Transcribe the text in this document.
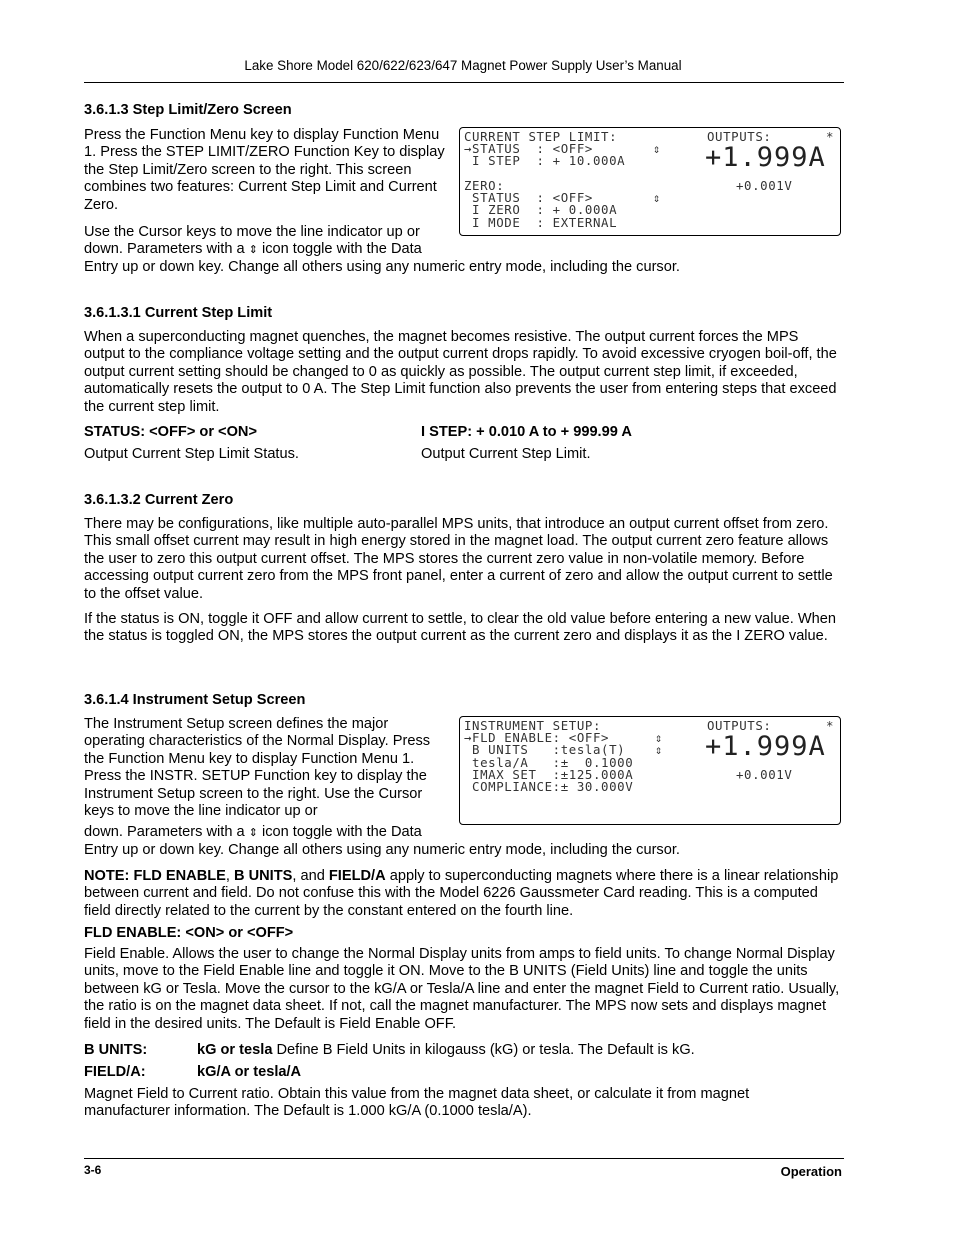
Lake Shore Model 620/622/623/647 Magnet Power Supply User’s Manual
3.6.1.3 Step Limit/Zero Screen

Press the Function Menu key to display Function Menu 1. Press the STEP LIMIT/ZERO Function Key to display the Step Limit/Zero screen to the right. This screen combines two features: Current Step Limit and Current Zero.

Use the Cursor keys to move the line indicator up or
down. Parameters with a ⇕ icon toggle with the Data
Entry up or down key. Change all others using any numeric entry mode, including the cursor.
CURRENT STEP LIMIT:
→STATUS  : <OFF>
I STEP  : + 10.000A
ZERO:
STATUS  : <OFF>
I ZERO  : + 0.000A
I MODE  : EXTERNAL
⇕
⇕
OUTPUTS:	*
+1.999A
+0.001V
3.6.1.3.1 Current Step Limit

When a superconducting magnet quenches, the magnet becomes resistive. The output current forces the MPS output to the compliance voltage setting and the output current drops rapidly. To avoid excessive cryogen boil-off, the output current setting should be changed to 0 as quickly as possible. The output current step limit, if exceeded, automatically resets the output to 0 A. The Step Limit function also prevents the user from entering steps that exceed the current step limit.

STATUS: <OFF> or <ON>	I STEP: + 0.010 A to + 999.99 A
Output Current Step Limit Status.	Output Current Step Limit.
3.6.1.3.2 Current Zero

There may be configurations, like multiple auto-parallel MPS units, that introduce an output current offset from zero. This small offset current may result in high energy stored in the magnet load. The output current zero feature allows the user to zero this output current offset. The MPS stores the current zero value in non-volatile memory. Before accessing output current zero from the MPS front panel, enter a current of zero and allow the output current to settle to the offset value.

If the status is ON, toggle it OFF and allow current to settle, to clear the old value before entering a new value. When the status is toggled ON, the MPS stores the output current as the current zero and displays it as the I ZERO value.

3.6.1.4 Instrument Setup Screen

The Instrument Setup screen defines the major operating characteristics of the Normal Display. Press the Function Menu key to display Function Menu 1. Press the INSTR. SETUP Function key to display the Instrument Setup screen to the right. Use the Cursor keys to move the line indicator up or

down. Parameters with a ⇕ icon toggle with the Data
Entry up or down key. Change all others using any numeric entry mode, including the cursor.
INSTRUMENT SETUP:
→FLD ENABLE: <OFF>
B UNITS   :tesla(T)
tesla/A   :±  0.1000
IMAX SET  :±125.000A
COMPLIANCE:± 30.000V
⇕
⇕
OUTPUTS:	*
+1.999A
+0.001V

NOTE: FLD ENABLE, B UNITS, and FIELD/A apply to superconducting magnets where there is a linear relationship between current and field. Do not confuse this with the Model 6226 Gaussmeter Card reading. This is a computed field directly related to the current by the constant entered on the fourth line.

FLD ENABLE: <ON> or <OFF>

Field Enable. Allows the user to change the Normal Display units from amps to field units. To change Normal Display units, move to the Field Enable line and toggle it ON. Move to the B UNITS (Field Units) line and toggle the units between kG or Tesla. Move the cursor to the kG/A or Tesla/A line and enter the magnet Field to Current ratio. Usually, the ratio is on the magnet data sheet. If not, call the magnet manufacturer. The MPS now sets and displays magnet field in the desired units. The Default is Field Enable OFF.

B UNITS:	kG or tesla Define B Field Units in kilogauss (kG) or tesla. The Default is kG.
FIELD/A:	kG/A or tesla/A

Magnet Field to Current ratio. Obtain this value from the magnet data sheet, or calculate it from magnet manufacturer information. The Default is 1.000 kG/A (0.1000 tesla/A).

3-6	Operation
